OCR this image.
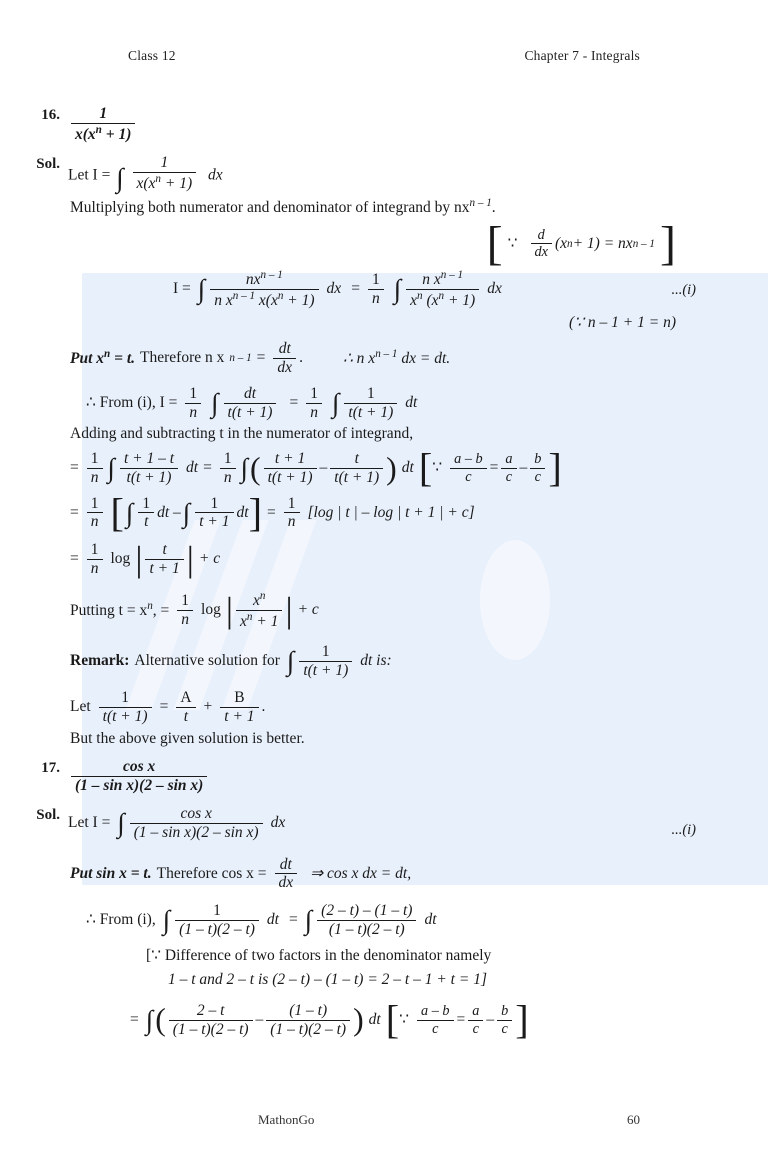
Class 12	Chapter 7 - Integrals
16. $\frac{1}{x(x^n + 1)}$
Sol.
Let I = ∫ $\frac{1}{x(x^n + 1)}$ dx
Multiplying both numerator and denominator of integrand by $nx^{n - 1}$.
[ ∵ $\frac{d}{dx} (x$ n + 1) = nx n – 1 ]
I = ∫ $\frac{nx^{n - 1}}{n x^{n - 1} x(x^n + 1)}$ dx = $\frac{1}{n}$ ∫ $\frac{n x^{n - 1}}{x^n (x^n + 1)}$ dx	...(i)
(∵ n – 1 + 1 = n)
Put $x^n = t$. Therefore n x $n - 1 = \frac{dt}{dx}$ .	∴ n $x^{n - 1}$ dx = dt.
∴ From (i), $I = \frac{1}{n}$ ∫ $\frac{dt}{t(t + 1)} = \frac{1}{n}$ ∫ $\frac{1}{t(t + 1)}$ dt
Adding and subtracting t in the numerator of integrand,
= $\frac{1}{n}$ ∫ $\frac{t + 1 - t}{t(t + 1)}$ dt = $\frac{1}{n}$ ∫ ( $\frac{t + 1}{t(t + 1)} - \frac{t}{t(t + 1)}$ ) dt [ ∵ $\frac{a - b}{c} = \frac{a}{c} - \frac{b}{c}$ ]
= $\frac{1}{n}$ [ ∫ $\frac{1}{t}$ dt – ∫ $\frac{1}{t + 1}$ dt ] = $\frac{1}{n} [\log$ | t | – log | t + 1 | + c]
= $\frac{1}{n}$ log | $\frac{t}{t + 1}$ | + c
Putting $t = x^n$, = $\frac{1}{n}$ log | $\frac{x^n}{x^n + 1}$ | + c
Remark: Alternative solution for ∫ $\frac{1}{t(t + 1)}$ dt is:
Let $\frac{1}{t(t + 1)} = \frac{A}{t} + \frac{B}{t + 1}$ .
But the above given solution is better.
17. $\frac{\text{cos x}}{\text{(1 – sin x)(2 – sin x)}}$
Sol. Let I = ∫ $\frac{\text{cos x}}{\text{(1 – sin x)(2 – sin x)}}$ dx	...(i)
Put sin x = t. Therefore $\cos x = \frac{dt}{dx}$ ⇒ cos x dx = dt,
∴ From (i), ∫ $\frac{1}{(1 - t)(2 - t)}$ dt = ∫ $\frac{(2 - t) - (1 - t)}{(1 - t)(2 - t)}$ dt
[∵ Difference of two factors in the denominator namely
1 – t and 2 – t is (2 – t) – (1 – t) = 2 – t – 1 + t = 1]
= ∫ ( $\frac{2 - t}{(1 - t)(2 - t)} - \frac{(1 - t)}{(1 - t)(2 - t)}$ ) dt [ ∵ $\frac{a - b}{c} = \frac{a}{c} - \frac{b}{c}$ ]
MathonGo	60
